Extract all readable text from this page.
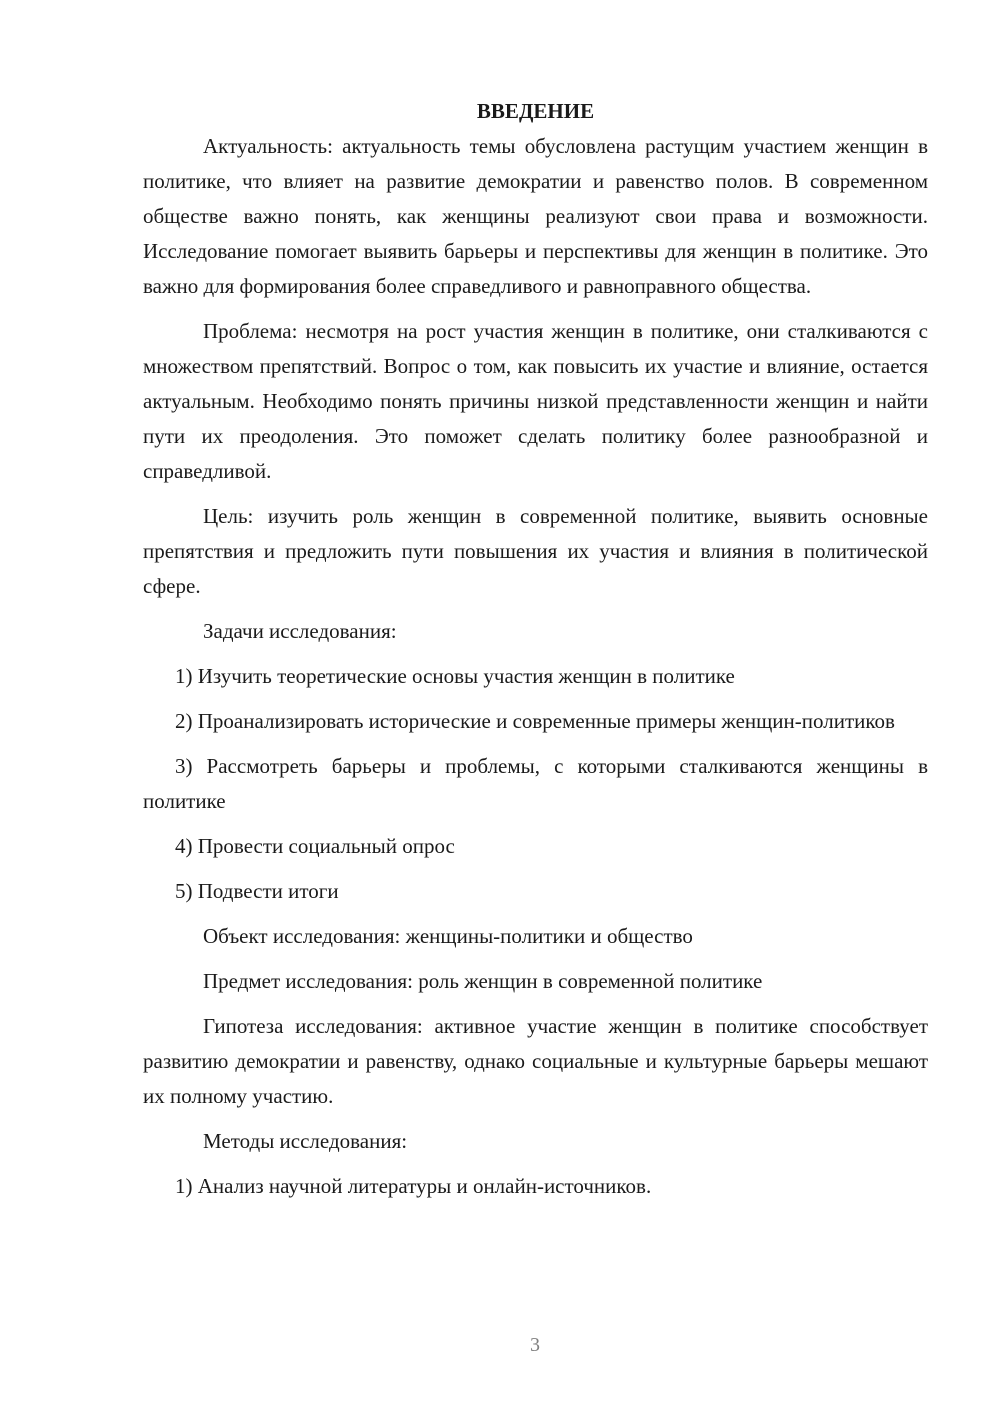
ВВЕДЕНИЕ

Актуальность: актуальность темы обусловлена растущим участием женщин в политике, что влияет на развитие демократии и равенство полов. В современном обществе важно понять, как женщины реализуют свои права и возможности. Исследование помогает выявить барьеры и перспективы для женщин в политике. Это важно для формирования более справедливого и равноправного общества.

Проблема: несмотря на рост участия женщин в политике, они сталкиваются с множеством препятствий. Вопрос о том, как повысить их участие и влияние, остается актуальным. Необходимо понять причины низкой представленности женщин и найти пути их преодоления. Это поможет сделать политику более разнообразной и справедливой.

Цель: изучить роль женщин в современной политике, выявить основные препятствия и предложить пути повышения их участия и влияния в политической сфере.

Задачи исследования:

1) Изучить теоретические основы участия женщин в политике

2) Проанализировать исторические и современные примеры женщин-политиков

3) Рассмотреть барьеры и проблемы, с которыми сталкиваются женщины в политике

4) Провести социальный опрос

5) Подвести итоги

Объект исследования: женщины-политики и общество

Предмет исследования: роль женщин в современной политике

Гипотеза исследования: активное участие женщин в политике способствует развитию демократии и равенству, однако социальные и культурные барьеры мешают их полному участию.

Методы исследования:

1) Анализ научной литературы и онлайн-источников.

3
